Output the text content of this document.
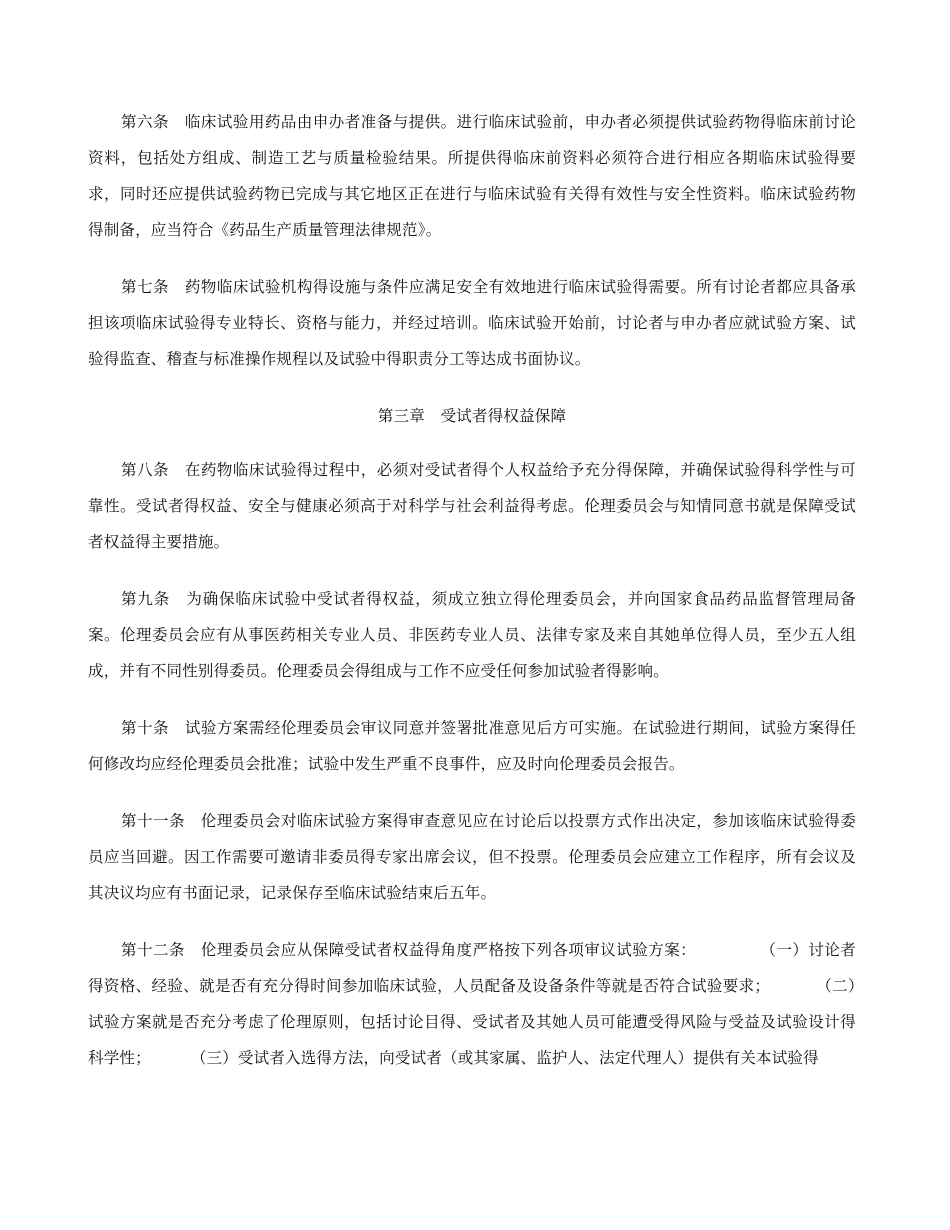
第六条　临床试验用药品由申办者准备与提供。进行临床试验前，申办者必须提供试验药物得临床前讨论资料，包括处方组成、制造工艺与质量检验结果。所提供得临床前资料必须符合进行相应各期临床试验得要求，同时还应提供试验药物已完成与其它地区正在进行与临床试验有关得有效性与安全性资料。临床试验药物得制备，应当符合《药品生产质量管理法律规范》。

第七条　药物临床试验机构得设施与条件应满足安全有效地进行临床试验得需要。所有讨论者都应具备承担该项临床试验得专业特长、资格与能力，并经过培训。临床试验开始前，讨论者与申办者应就试验方案、试验得监查、稽查与标准操作规程以及试验中得职责分工等达成书面协议。

第三章　受试者得权益保障

第八条　在药物临床试验得过程中，必须对受试者得个人权益给予充分得保障，并确保试验得科学性与可靠性。受试者得权益、安全与健康必须高于对科学与社会利益得考虑。伦理委员会与知情同意书就是保障受试者权益得主要措施。

第九条　为确保临床试验中受试者得权益，须成立独立得伦理委员会，并向国家食品药品监督管理局备案。伦理委员会应有从事医药相关专业人员、非医药专业人员、法律专家及来自其她单位得人员，至少五人组成，并有不同性别得委员。伦理委员会得组成与工作不应受任何参加试验者得影响。

第十条　试验方案需经伦理委员会审议同意并签署批准意见后方可实施。在试验进行期间，试验方案得任何修改均应经伦理委员会批准；试验中发生严重不良事件，应及时向伦理委员会报告。

第十一条　伦理委员会对临床试验方案得审查意见应在讨论后以投票方式作出决定，参加该临床试验得委员应当回避。因工作需要可邀请非委员得专家出席会议，但不投票。伦理委员会应建立工作程序，所有会议及其决议均应有书面记录，记录保存至临床试验结束后五年。

第十二条　伦理委员会应从保障受试者权益得角度严格按下列各项审议试验方案：	（一）讨论者得资格、经验、就是否有充分得时间参加临床试验，人员配备及设备条件等就是否符合试验要求；	（二）试验方案就是否充分考虑了伦理原则，包括讨论目得、受试者及其她人员可能遭受得风险与受益及试验设计得科学性；	（三）受试者入选得方法，向受试者（或其家属、监护人、法定代理人）提供有关本试验得
